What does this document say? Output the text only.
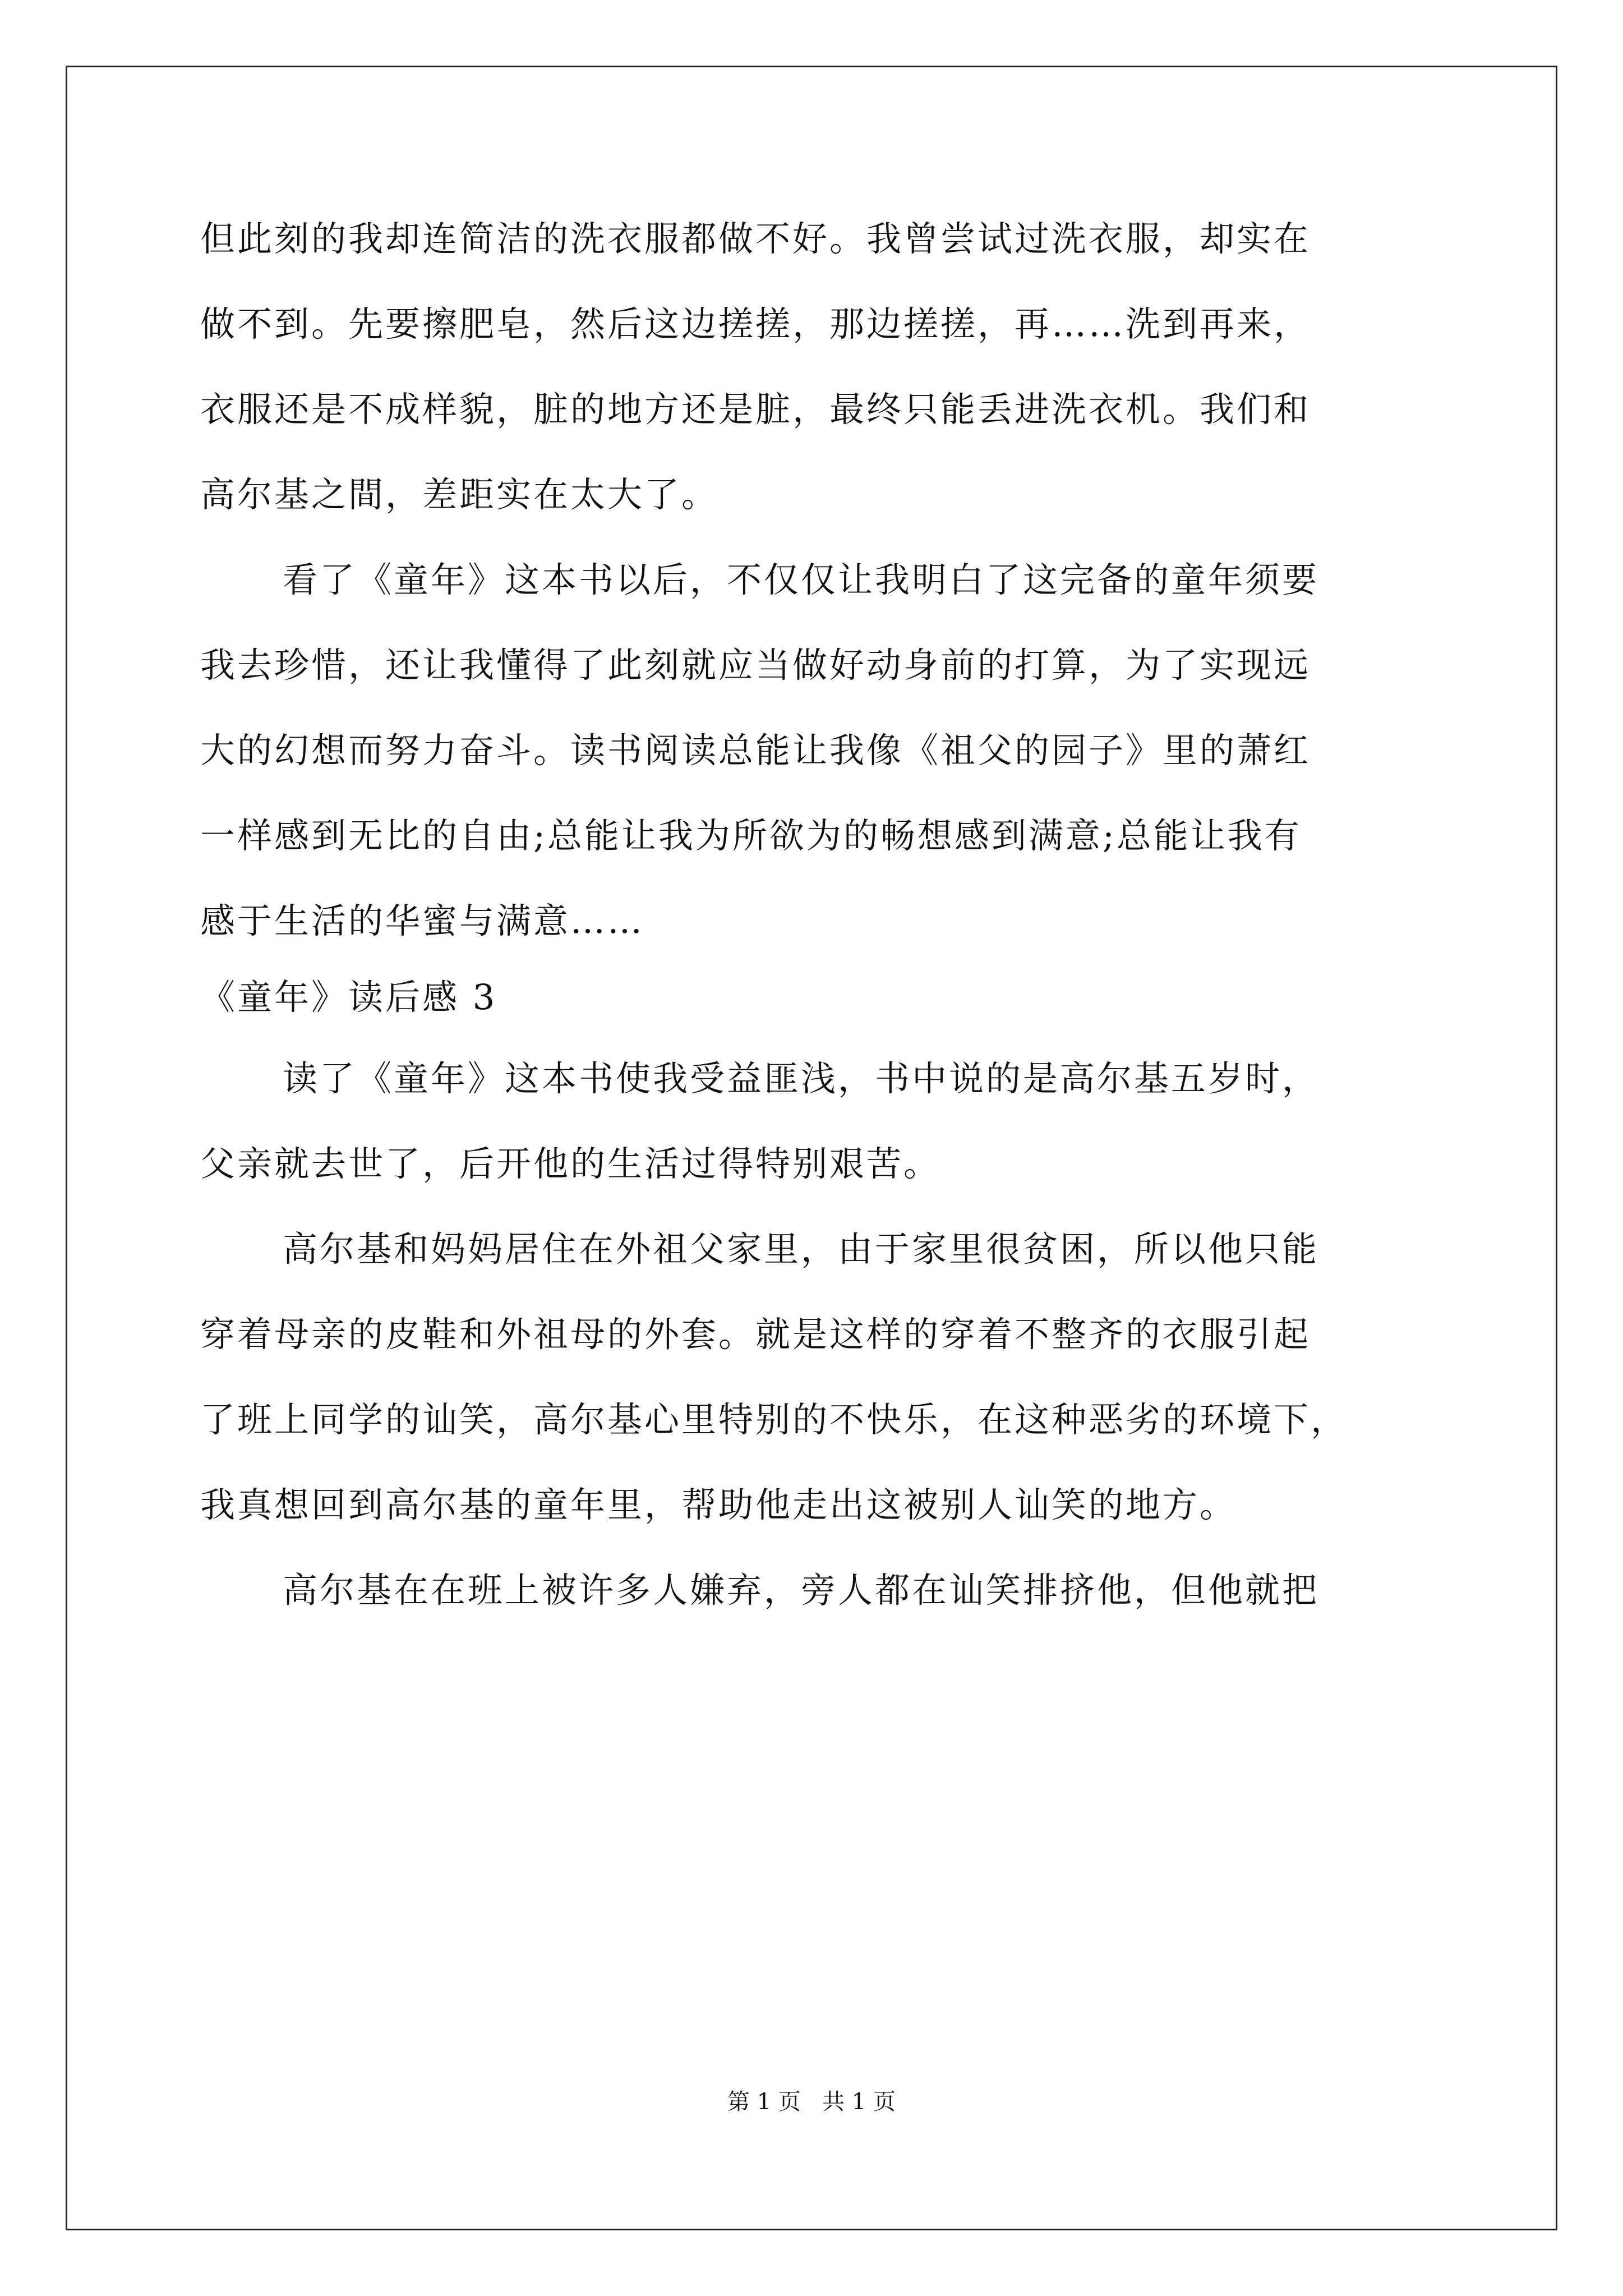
但此刻的我却连简洁的洗衣服都做不好。我曾尝试过洗衣服，却实在
做不到。先要擦肥皂，然后这边搓搓，那边搓搓，再……洗到再来，
衣服还是不成样貌，脏的地方还是脏，最终只能丢进洗衣机。我们和
高尔基之間，差距实在太大了。
看了《童年》这本书以后，不仅仅让我明白了这完备的童年须要
我去珍惜，还让我懂得了此刻就应当做好动身前的打算，为了实现远
大的幻想而努力奋斗。读书阅读总能让我像《祖父的园子》里的萧红
一样感到无比的自由;总能让我为所欲为的畅想感到满意;总能让我有
感于生活的华蜜与满意……
《童年》读后感 3
读了《童年》这本书使我受益匪浅，书中说的是高尔基五岁时，
父亲就去世了，后开他的生活过得特别艰苦。
高尔基和妈妈居住在外祖父家里，由于家里很贫困，所以他只能
穿着母亲的皮鞋和外祖母的外套。就是这样的穿着不整齐的衣服引起
了班上同学的讪笑，高尔基心里特别的不快乐，在这种恶劣的环境下，
我真想回到高尔基的童年里，帮助他走出这被别人讪笑的地方。
高尔基在在班上被许多人嫌弃，旁人都在讪笑排挤他，但他就把
第 1 页   共 1 页
